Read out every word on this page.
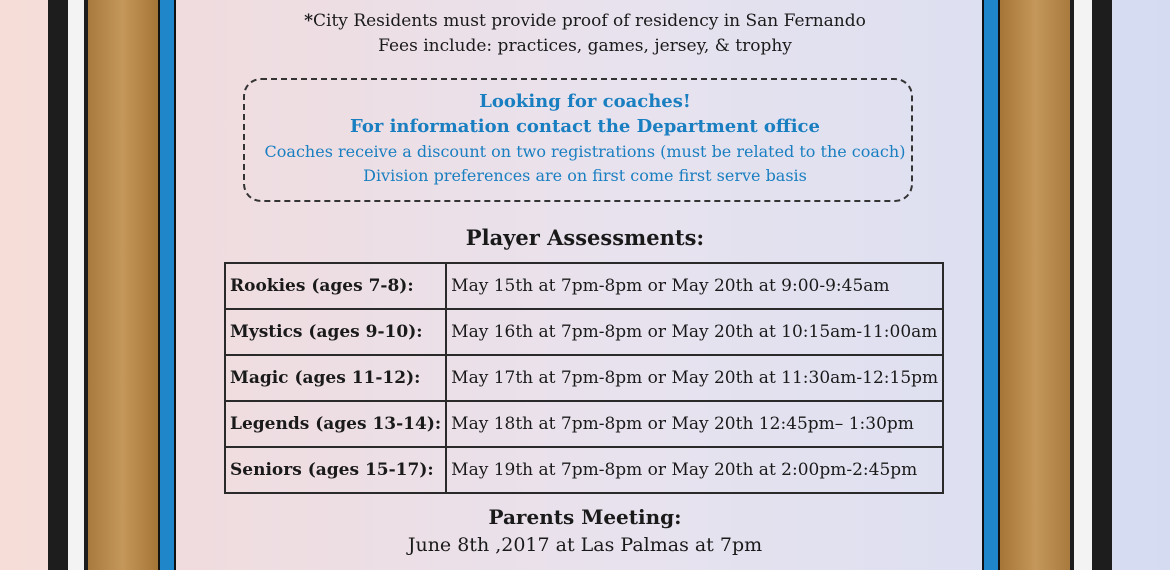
*City Residents must provide proof of residency in San Fernando
Fees include: practices, games, jersey, & trophy
Looking for coaches!
For information contact the Department office
Coaches receive a discount on two registrations (must be related to the coach)
Division preferences are on first come first serve basis
Player Assessments:
Rookies (ages 7-8):	May 15th at 7pm-8pm or May 20th at 9:00-9:45am
Mystics (ages 9-10):	May 16th at 7pm-8pm or May 20th at 10:15am-11:00am
Magic (ages 11-12):	May 17th at 7pm-8pm or May 20th at 11:30am-12:15pm
Legends (ages 13-14):	May 18th at 7pm-8pm or May 20th 12:45pm– 1:30pm
Seniors (ages 15-17):	May 19th at 7pm-8pm or May 20th at 2:00pm-2:45pm
Parents Meeting:
June 8th ,2017 at Las Palmas at 7pm
